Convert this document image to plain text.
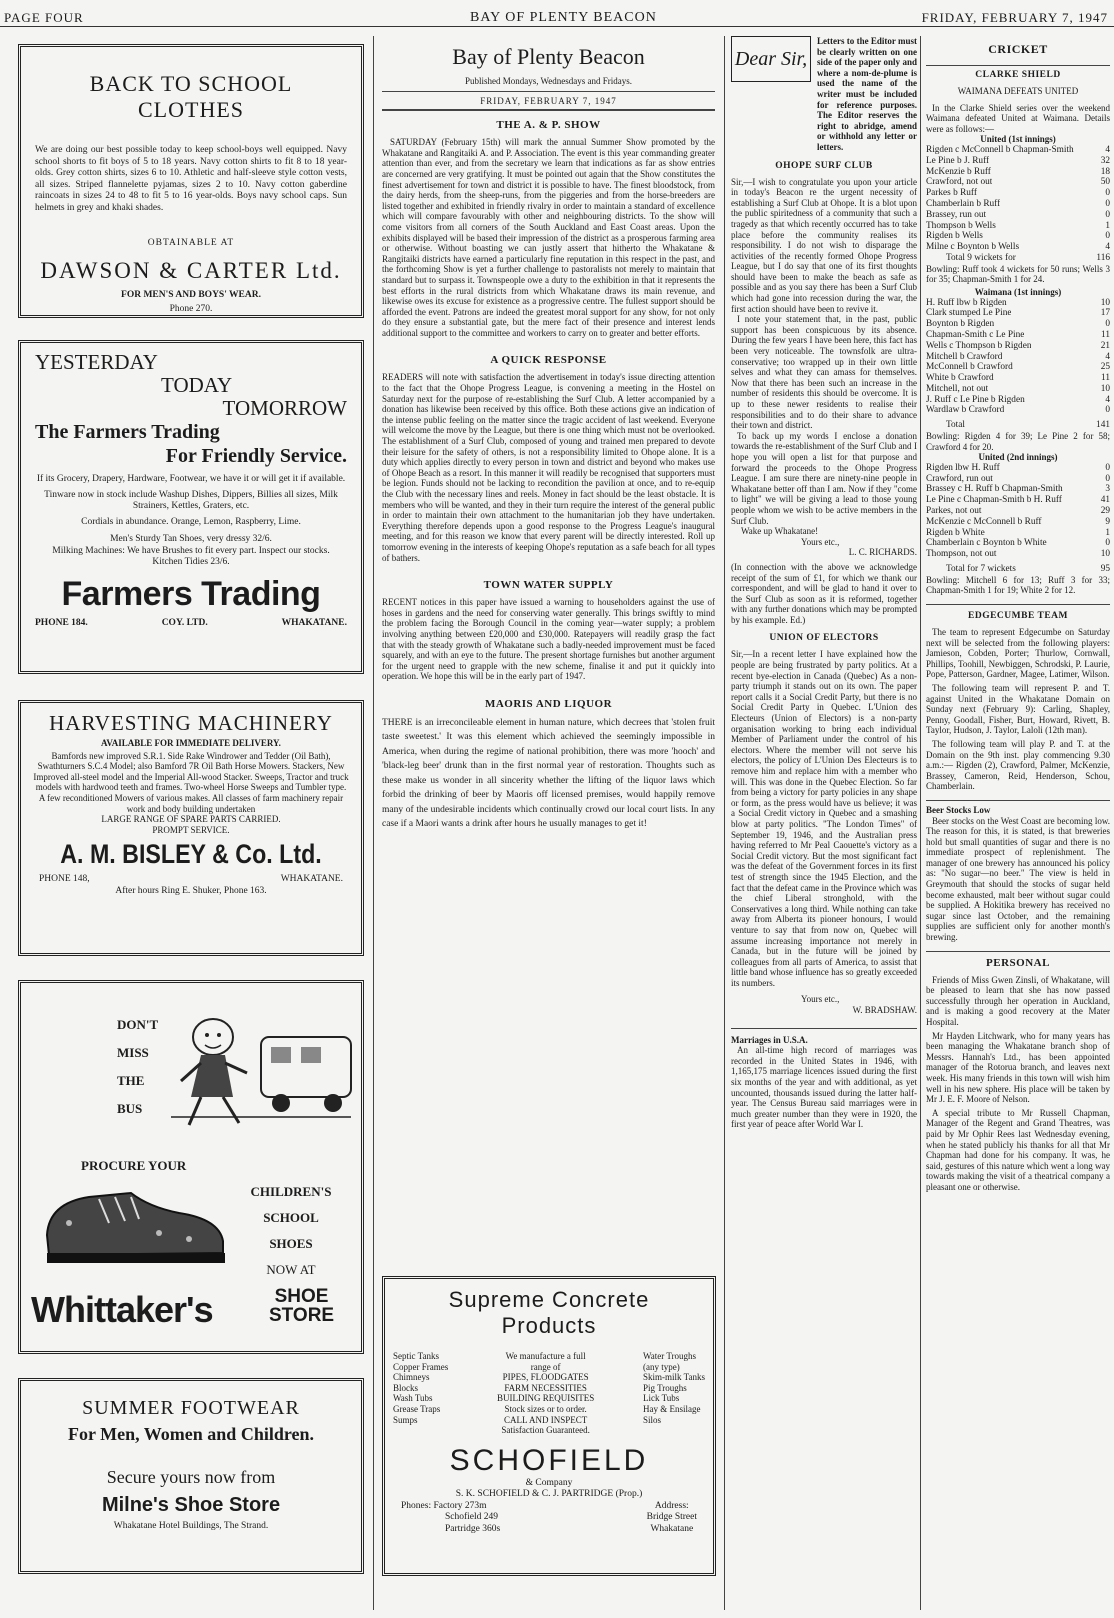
PAGE FOUR	BAY OF PLENTY BEACON	FRIDAY, FEBRUARY 7, 1947
BACK TO SCHOOL CLOTHES

We are doing our best possible today to keep school-boys well equipped. Navy school shorts to fit boys of 5 to 18 years. Navy cotton shirts to fit 8 to 18 year-olds. Grey cotton shirts, sizes 6 to 10. Athletic and half-sleeve style cotton vests, all sizes. Striped flannelette pyjamas, sizes 2 to 10. Navy cotton gaberdine raincoats in sizes 24 to 48 to fit 5 to 16 year-olds. Boys navy school caps. Sun helmets in grey and khaki shades.

OBTAINABLE AT
DAWSON & CARTER Ltd.
FOR MEN'S AND BOYS' WEAR.
Phone 270.
YESTERDAY
TODAY
TOMORROW
The Farmers Trading
For Friendly Service.
If its Grocery, Drapery, Hardware, Footwear, we have it or will get it if available.
Tinware now in stock include Washup Dishes, Dippers, Billies all sizes, Milk Strainers, Kettles, Graters, etc.
Cordials in abundance. Orange, Lemon, Raspberry, Lime.
Men's Sturdy Tan Shoes, very dressy 32/6.
Milking Machines: We have Brushes to fit every part. Inspect our stocks.
Kitchen Tidies 23/6.
Farmers Trading
PHONE 184.	COY. LTD.	WHAKATANE.
HARVESTING MACHINERY
AVAILABLE FOR IMMEDIATE DELIVERY.

Bamfords new improved S.R.1. Side Rake Windrower and Tedder (Oil Bath), Swathturners S.C.4 Model; also Bamford 7R Oil Bath Horse Mowers. Stackers, New Improved all-steel model and the Imperial All-wood Stacker. Sweeps, Tractor and truck models with hardwood teeth and frames. Two-wheel Horse Sweeps and Tumbler type. A few reconditioned Mowers of various makes. All classes of farm machinery repair work and body building undertaken

LARGE RANGE OF SPARE PARTS CARRIED.
PROMPT SERVICE.
A. M. BISLEY & Co. Ltd.
PHONE 148,	WHAKATANE.
After hours Ring E. Shuker, Phone 163.
DON'T
MISS
THE
BUS
PROCURE YOUR
CHILDREN'S
SCHOOL
SHOES
NOW AT
Whittaker's	SHOE
STORE
SUMMER FOOTWEAR
For Men, Women and Children.
Secure yours now from
Milne's Shoe Store
Whakatane Hotel Buildings, The Strand.
Bay of Plenty Beacon
Published Mondays, Wednesdays and Fridays.
FRIDAY, FEBRUARY 7, 1947
THE A. & P. SHOW

SATURDAY (February 15th) will mark the annual Summer Show promoted by the Whakatane and Rangitaiki A. and P. Association. The event is this year commanding greater attention than ever, and from the secretary we learn that indications as far as show entries are concerned are very gratifying. It must be pointed out again that the Show constitutes the finest advertisement for town and district it is possible to have. The finest bloodstock, from the dairy herds, from the sheep-runs, from the piggeries and from the horse-breeders are listed together and exhibited in friendly rivalry in order to maintain a standard of excellence which will compare favourably with other and neighbouring districts. To the show will come visitors from all corners of the South Auckland and East Coast areas. Upon the exhibits displayed will be based their impression of the district as a prosperous farming area or otherwise. Without boasting we can justly assert that hitherto the Whakatane & Rangitaiki districts have earned a particularly fine reputation in this respect in the past, and the forthcoming Show is yet a further challenge to pastoralists not merely to maintain that standard but to surpass it. Townspeople owe a duty to the exhibition in that it represents the best efforts in the rural districts from which Whakatane draws its main revenue, and likewise owes its excuse for existence as a progressive centre. The fullest support should be afforded the event. Patrons are indeed the greatest moral support for any show, for not only do they ensure a substantial gate, but the mere fact of their presence and interest lends additional support to the committee and workers to carry on to greater and better efforts.

A QUICK RESPONSE

READERS will note with satisfaction the advertisement in today's issue directing attention to the fact that the Ohope Progress League, is convening a meeting in the Hostel on Saturday next for the purpose of re-establishing the Surf Club. A letter accompanied by a donation has likewise been received by this office. Both these actions give an indication of the intense public feeling on the matter since the tragic accident of last weekend. Everyone will welcome the move by the League, but there is one thing which must not be overlooked. The establishment of a Surf Club, composed of young and trained men prepared to devote their leisure for the safety of others, is not a responsibility limited to Ohope alone. It is a duty which applies directly to every person in town and district and beyond who makes use of Ohope Beach as a resort. In this manner it will readily be recognised that supporters must be legion. Funds should not be lacking to recondition the pavilion at once, and to re-equip the Club with the necessary lines and reels. Money in fact should be the least obstacle. It is members who will be wanted, and they in their turn require the interest of the general public in order to maintain their own attachment to the humanitarian job they have undertaken. Everything therefore depends upon a good response to the Progress League's inaugural meeting, and for this reason we know that every parent will be directly interested. Roll up tomorrow evening in the interests of keeping Ohope's reputation as a safe beach for all types of bathers.

TOWN WATER SUPPLY

RECENT notices in this paper have issued a warning to householders against the use of hoses in gardens and the need for conserving water generally. This brings swiftly to mind the problem facing the Borough Council in the coming year—water supply; a problem involving anything between £20,000 and £30,000. Ratepayers will readily grasp the fact that with the steady growth of Whakatane such a badly-needed improvement must be faced squarely, and with an eye to the future. The present shortage furnishes but another argument for the urgent need to grapple with the new scheme, finalise it and put it quickly into operation. We hope this will be in the early part of 1947.

MAORIS AND LIQUOR

THERE is an irreconcileable element in human nature, which decrees that 'stolen fruit taste sweetest.' It was this element which achieved the seemingly impossible in America, when during the regime of national prohibition, there was more 'hooch' and 'black-leg beer' drunk than in the first normal year of restoration. Thoughts such as these make us wonder in all sincerity whether the lifting of the liquor laws which forbid the drinking of beer by Maoris off licensed premises, would happily remove many of the undesirable incidents which continually crowd our local court lists. In any case if a Maori wants a drink after hours he usually manages to get it!

Supreme Concrete
Products
Septic Tanks
Copper Frames
Chimneys
Blocks
Wash Tubs
Grease Traps
Sumps
We manufacture a full
range of
PIPES, FLOODGATES
FARM NECESSITIES
BUILDING REQUISITES
Stock sizes or to order.
CALL AND INSPECT
Satisfaction Guaranteed.
Water Troughs
(any type)
Skim-milk Tanks
Pig Troughs
Lick Tubs
Hay & Ensilage
Silos
SCHOFIELD
& Company
S. K. SCHOFIELD & C. J. PARTRIDGE (Prop.)
Phones: Factory 273m
Schofield 249
Partridge 360s
Address:
Bridge Street
Whakatane
Dear Sir,

Letters to the Editor must be clearly written on one side of the paper only and where a nom-de-plume is used the name of the writer must be included for reference purposes. The Editor reserves the right to abridge, amend or withhold any letter or letters.

OHOPE SURF CLUB

Sir,—I wish to congratulate you upon your article in today's Beacon re the urgent necessity of establishing a Surf Club at Ohope. It is a blot upon the public spiritedness of a community that such a tragedy as that which recently occurred has to take place before the community realises its responsibility. I do not wish to disparage the activities of the recently formed Ohope Progress League, but I do say that one of its first thoughts should have been to make the beach as safe as possible and as you say there has been a Surf Club which had gone into recession during the war, the first action should have been to revive it.

I note your statement that, in the past, public support has been conspicuous by its absence. During the few years I have been here, this fact has been very noticeable. The townsfolk are ultra-conservative; too wrapped up in their own little selves and what they can amass for themselves. Now that there has been such an increase in the number of residents this should be overcome. It is up to these newer residents to realise their responsibilities and to do their share to advance their town and district.

To back up my words I enclose a donation towards the re-establishment of the Surf Club and I hope you will open a list for that purpose and forward the proceeds to the Ohope Progress League. I am sure there are ninety-nine people in Whakatane better off than I am. Now if they "come to light" we will be giving a lead to those young people whom we wish to be active members in the Surf Club.

Wake up Whakatane!

Yours etc.,

L. C. RICHARDS.

(In connection with the above we acknowledge receipt of the sum of £1, for which we thank our correspondent, and will be glad to hand it over to the Surf Club as soon as it is reformed, together with any further donations which may be prompted by his example. Ed.)

UNION OF ELECTORS

Sir,—In a recent letter I have explained how the people are being frustrated by party politics. At a recent bye-election in Canada (Quebec) As a non-party triumph it stands out on its own. The paper report calls it a Social Credit Party, but there is no Social Credit Party in Quebec. L'Union des Electeurs (Union of Electors) is a non-party organisation working to bring each individual Member of Parliament under the control of his electors. Where the member will not serve his electors, the policy of L'Union Des Electeurs is to remove him and replace him with a member who will. This was done in the Quebec Election. So far from being a victory for party policies in any shape or form, as the press would have us believe; it was a Social Credit victory in Quebec and a smashing blow at party politics. "The London Times" of September 19, 1946, and the Australian press having referred to Mr Peal Caouette's victory as a Social Credit victory. But the most significant fact was the defeat of the Government forces in its first test of strength since the 1945 Election, and the fact that the defeat came in the Province which was the chief Liberal stronghold, with the Conservatives a long third. While nothing can take away from Alberta its pioneer honours, I would venture to say that from now on, Quebec will assume increasing importance not merely in Canada, but in the future will be joined by colleagues from all parts of America, to assist that little band whose influence has so greatly exceeded its numbers.

Yours etc.,

W. BRADSHAW.

Marriages in U.S.A.

An all-time high record of marriages was recorded in the United States in 1946, with 1,165,175 marriage licences issued during the first six months of the year and with additional, as yet uncounted, thousands issued during the latter half-year. The Census Bureau said marriages were in much greater number than they were in 1920, the first year of peace after World War I.

CRICKET
CLARKE SHIELD
WAIMANA DEFEATS UNITED

In the Clarke Shield series over the weekend Waimana defeated United at Waimana. Details were as follows:—

United (1st innings)
Rigden c McConnell b Chapman-Smith	4
Le Pine b J. Ruff	32
McKenzie b Ruff	18
Crawford, not out	50
Parkes b Ruff	0
Chamberlain b Ruff	0
Brassey, run out	0
Thompson b Wells	1
Rigden b Wells	0
Milne c Boynton b Wells	4
Total 9 wickets for	116

Bowling: Ruff took 4 wickets for 50 runs; Wells 3 for 35; Chapman-Smith 1 for 24.

Waimana (1st innings)
H. Ruff lbw b Rigden	10
Clark stumped Le Pine	17
Boynton b Rigden	0
Chapman-Smith c Le Pine	11
Wells c Thompson b Rigden	21
Mitchell b Crawford	4
McConnell b Crawford	25
White b Crawford	11
Mitchell, not out	10
J. Ruff c Le Pine b Rigden	4
Wardlaw b Crawford	0
Total	141

Bowling: Rigden 4 for 39; Le Pine 2 for 58; Crawford 4 for 20.

United (2nd innings)
Rigden lbw H. Ruff	0
Crawford, run out	0
Brassey c H. Ruff b Chapman-Smith	3
Le Pine c Chapman-Smith b H. Ruff	41
Parkes, not out	29
McKenzie c McConnell b Ruff	9
Rigden b White	1
Chamberlain c Boynton b White	0
Thompson, not out	10
Total for 7 wickets	95

Bowling: Mitchell 6 for 13; Ruff 3 for 33; Chapman-Smith 1 for 19; White 2 for 12.

EDGECUMBE TEAM

The team to represent Edgecumbe on Saturday next will be selected from the following players: Jamieson, Cobden, Porter; Thurlow, Cornwall, Phillips, Toohill, Newbiggen, Schrodski, P. Laurie, Pope, Patterson, Gardner, Magee, Latimer, Wilson.

The following team will represent P. and T. against United in the Whakatane Domain on Sunday next (February 9): Carling, Shapley, Penny, Goodall, Fisher, Burt, Howard, Rivett, B. Taylor, Hudson, J. Taylor, Laloli (12th man).

The following team will play P. and T. at the Domain on the 9th inst. play commencing 9.30 a.m.:— Rigden (2), Crawford, Palmer, McKenzie, Brassey, Cameron, Reid, Henderson, Schou, Chamberlain.

Beer Stocks Low

Beer stocks on the West Coast are becoming low. The reason for this, it is stated, is that breweries hold but small quantities of sugar and there is no immediate prospect of replenishment. The manager of one brewery has announced his policy as: "No sugar—no beer." The view is held in Greymouth that should the stocks of sugar held become exhausted, malt beer without sugar could be supplied. A Hokitika brewery has received no sugar since last October, and the remaining supplies are sufficient only for another month's brewing.

PERSONAL

Friends of Miss Gwen Zinsli, of Whakatane, will be pleased to learn that she has now passed successfully through her operation in Auckland, and is making a good recovery at the Mater Hospital.

Mr Hayden Litchwark, who for many years has been managing the Whakatane branch shop of Messrs. Hannah's Ltd., has been appointed manager of the Rotorua branch, and leaves next week. His many friends in this town will wish him well in his new sphere. His place will be taken by Mr J. E. F. Moore of Nelson.

A special tribute to Mr Russell Chapman, Manager of the Regent and Grand Theatres, was paid by Mr Ophir Rees last Wednesday evening, when he stated publicly his thanks for all that Mr Chapman had done for his company. It was, he said, gestures of this nature which went a long way towards making the visit of a theatrical company a pleasant one or otherwise.
